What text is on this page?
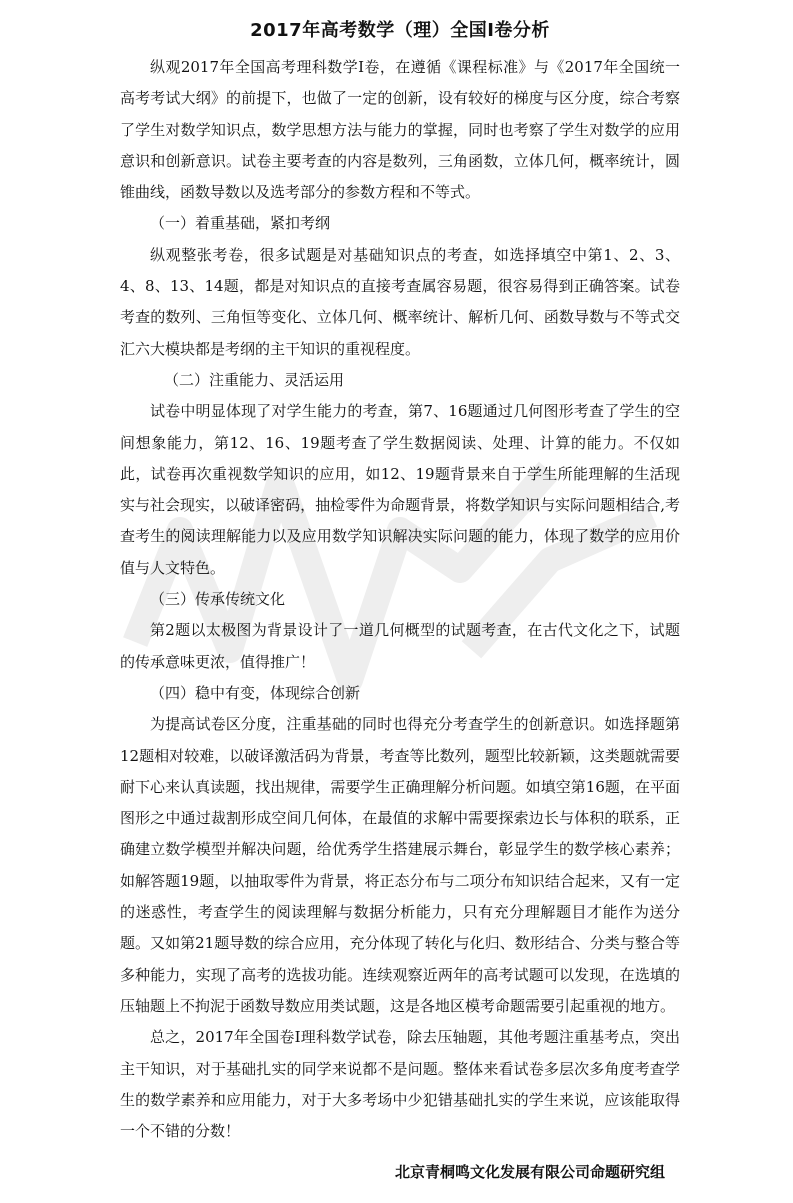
2017年高考数学（理）全国Ⅰ卷分析

纵观2017年全国高考理科数学Ⅰ卷，在遵循《课程标准》与《2017年全国统一高考考试大纲》的前提下，也做了一定的创新，设有较好的梯度与区分度，综合考察了学生对数学知识点，数学思想方法与能力的掌握，同时也考察了学生对数学的应用意识和创新意识。试卷主要考查的内容是数列，三角函数，立体几何，概率统计，圆锥曲线，函数导数以及选考部分的参数方程和不等式。

（一）着重基础，紧扣考纲

纵观整张考卷，很多试题是对基础知识点的考查，如选择填空中第1、2、3、4、8、13、14题，都是对知识点的直接考查属容易题，很容易得到正确答案。试卷考查的数列、三角恒等变化、立体几何、概率统计、解析几何、函数导数与不等式交汇六大模块都是考纲的主干知识的重视程度。

（二）注重能力、灵活运用

试卷中明显体现了对学生能力的考查，第7、16题通过几何图形考查了学生的空间想象能力，第12、16、19题考查了学生数据阅读、处理、计算的能力。不仅如此，试卷再次重视数学知识的应用，如12、19题背景来自于学生所能理解的生活现实与社会现实，以破译密码，抽检零件为命题背景，将数学知识与实际问题相结合,考查考生的阅读理解能力以及应用数学知识解决实际问题的能力，体现了数学的应用价值与人文特色。

（三）传承传统文化

第2题以太极图为背景设计了一道几何概型的试题考查，在古代文化之下，试题的传承意味更浓，值得推广！

（四）稳中有变，体现综合创新

为提高试卷区分度，注重基础的同时也得充分考查学生的创新意识。如选择题第12题相对较难，以破译激活码为背景，考查等比数列，题型比较新颖，这类题就需要耐下心来认真读题，找出规律，需要学生正确理解分析问题。如填空第16题，在平面图形之中通过裁割形成空间几何体，在最值的求解中需要探索边长与体积的联系，正确建立数学模型并解决问题，给优秀学生搭建展示舞台，彰显学生的数学核心素养；如解答题19题，以抽取零件为背景，将正态分布与二项分布知识结合起来，又有一定的迷惑性，考查学生的阅读理解与数据分析能力，只有充分理解题目才能作为送分题。又如第21题导数的综合应用，充分体现了转化与化归、数形结合、分类与整合等多种能力，实现了高考的选拔功能。连续观察近两年的高考试题可以发现，在选填的压轴题上不拘泥于函数导数应用类试题，这是各地区模考命题需要引起重视的地方。

总之，2017年全国卷Ⅰ理科数学试卷，除去压轴题，其他考题注重基考点，突出主干知识，对于基础扎实的同学来说都不是问题。整体来看试卷多层次多角度考查学生的数学素养和应用能力，对于大多考场中少犯错基础扎实的学生来说，应该能取得一个不错的分数！

北京青桐鸣文化发展有限公司命题研究组
